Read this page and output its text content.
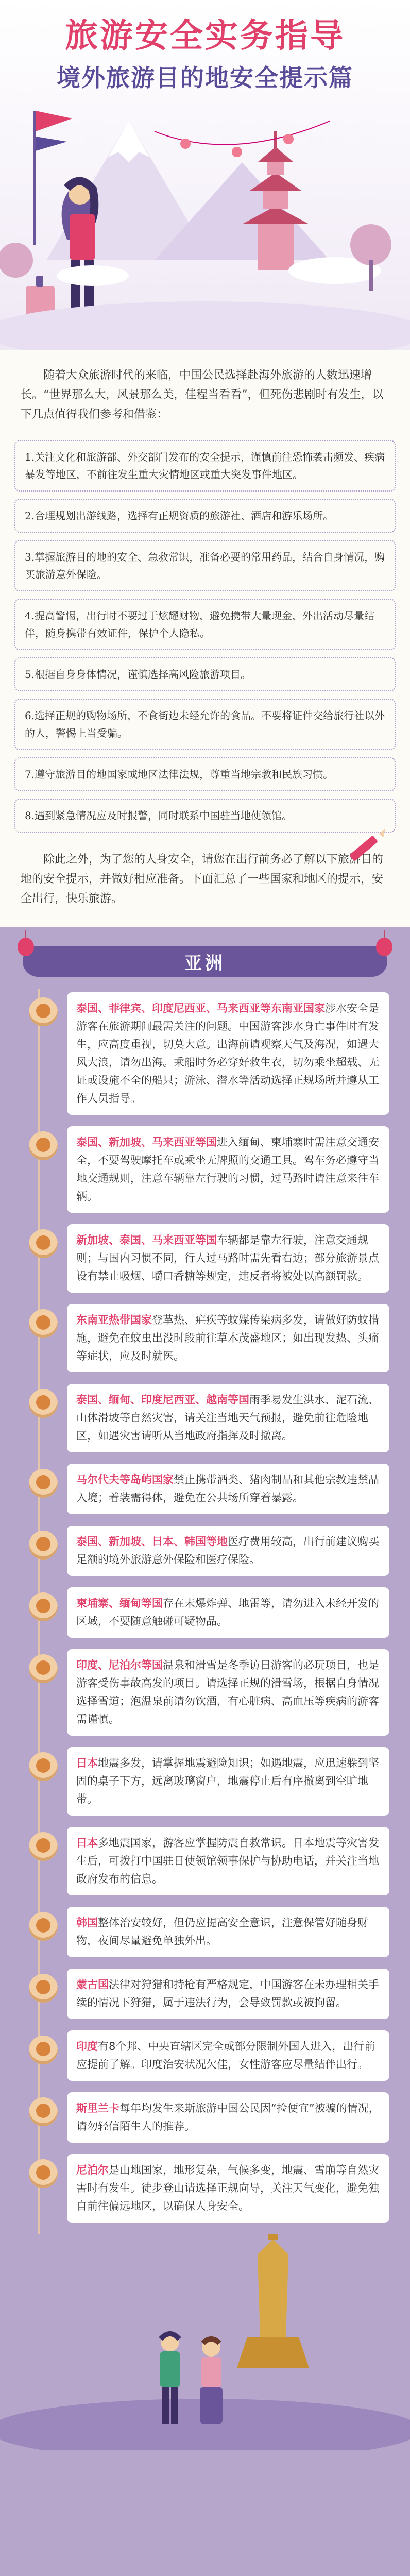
旅游安全实务指导
境外旅游目的地安全提示篇

随着大众旅游时代的来临，中国公民选择赴海外旅游的人数迅速增长。“世界那么大，风景那么美，佳程当看看”，但死伤悲剧时有发生，以下几点值得我们参考和借鉴：

1.关注文化和旅游部、外交部门发布的安全提示，谨慎前往恐怖袭击频发、疾病暴发等地区，不前往发生重大灾情地区或重大突发事件地区。
2.合理规划出游线路，选择有正规资质的旅游社、酒店和游乐场所。
3.掌握旅游目的地的安全、急救常识，准备必要的常用药品，结合自身情况，购买旅游意外保险。
4.提高警惕，出行时不要过于炫耀财物，避免携带大量现金，外出活动尽量结伴，随身携带有效证件，保护个人隐私。
5.根据自身身体情况，谨慎选择高风险旅游项目。
6.选择正规的购物场所，不食街边未经允许的食品。不要将证件交给旅行社以外的人，警惕上当受骗。
7.遵守旅游目的地国家或地区法律法规，尊重当地宗教和民族习惯。
8.遇到紧急情况应及时报警，同时联系中国驻当地使领馆。

除此之外，为了您的人身安全，请您在出行前务必了解以下旅游目的地的安全提示，并做好相应准备。下面汇总了一些国家和地区的提示，安全出行，快乐旅游。

亚洲
泰国、菲律宾、印度尼西亚、马来西亚等东南亚国家涉水安全是游客在旅游期间最需关注的问题。中国游客涉水身亡事件时有发生，应高度重视，切莫大意。出海前请观察天气及海况，如遇大风大浪，请勿出海。乘船时务必穿好救生衣，切勿乘坐超载、无证或设施不全的船只；游泳、潜水等活动选择正规场所并遵从工作人员指导。
泰国、新加坡、马来西亚等国进入缅甸、柬埔寨时需注意交通安全，不要驾驶摩托车或乘坐无牌照的交通工具。驾车务必遵守当地交通规则，注意车辆靠左行驶的习惯，过马路时请注意来往车辆。
新加坡、泰国、马来西亚等国车辆都是靠左行驶，注意交通规则；与国内习惯不同，行人过马路时需先看右边；部分旅游景点设有禁止吸烟、嚼口香糖等规定，违反者将被处以高额罚款。
东南亚热带国家登革热、疟疾等蚊媒传染病多发，请做好防蚊措施，避免在蚊虫出没时段前往草木茂盛地区；如出现发热、头痛等症状，应及时就医。
泰国、缅甸、印度尼西亚、越南等国雨季易发生洪水、泥石流、山体滑坡等自然灾害，请关注当地天气预报，避免前往危险地区，如遇灾害请听从当地政府指挥及时撤离。
马尔代夫等岛屿国家禁止携带酒类、猪肉制品和其他宗教违禁品入境；着装需得体，避免在公共场所穿着暴露。
泰国、新加坡、日本、韩国等地医疗费用较高，出行前建议购买足额的境外旅游意外保险和医疗保险。
柬埔寨、缅甸等国存在未爆炸弹、地雷等，请勿进入未经开发的区域，不要随意触碰可疑物品。
印度、尼泊尔等国温泉和滑雪是冬季访日游客的必玩项目，也是游客受伤事故高发的项目。请选择正规的滑雪场，根据自身情况选择雪道；泡温泉前请勿饮酒，有心脏病、高血压等疾病的游客需谨慎。
日本地震多发，请掌握地震避险知识；如遇地震，应迅速躲到坚固的桌子下方，远离玻璃窗户，地震停止后有序撤离到空旷地带。
日本多地震国家，游客应掌握防震自救常识。日本地震等灾害发生后，可拨打中国驻日使领馆领事保护与协助电话，并关注当地政府发布的信息。
韩国整体治安较好，但仍应提高安全意识，注意保管好随身财物，夜间尽量避免单独外出。
蒙古国法律对狩猎和持枪有严格规定，中国游客在未办理相关手续的情况下狩猎，属于违法行为，会导致罚款或被拘留。
印度有8个邦、中央直辖区完全或部分限制外国人进入，出行前应提前了解。印度治安状况欠佳，女性游客应尽量结伴出行。
斯里兰卡每年均发生来斯旅游中国公民因“捡便宜”被骗的情况，请勿轻信陌生人的推荐。
尼泊尔是山地国家，地形复杂，气候多变，地震、雪崩等自然灾害时有发生。徒步登山请选择正规向导，关注天气变化，避免独自前往偏远地区，以确保人身安全。
